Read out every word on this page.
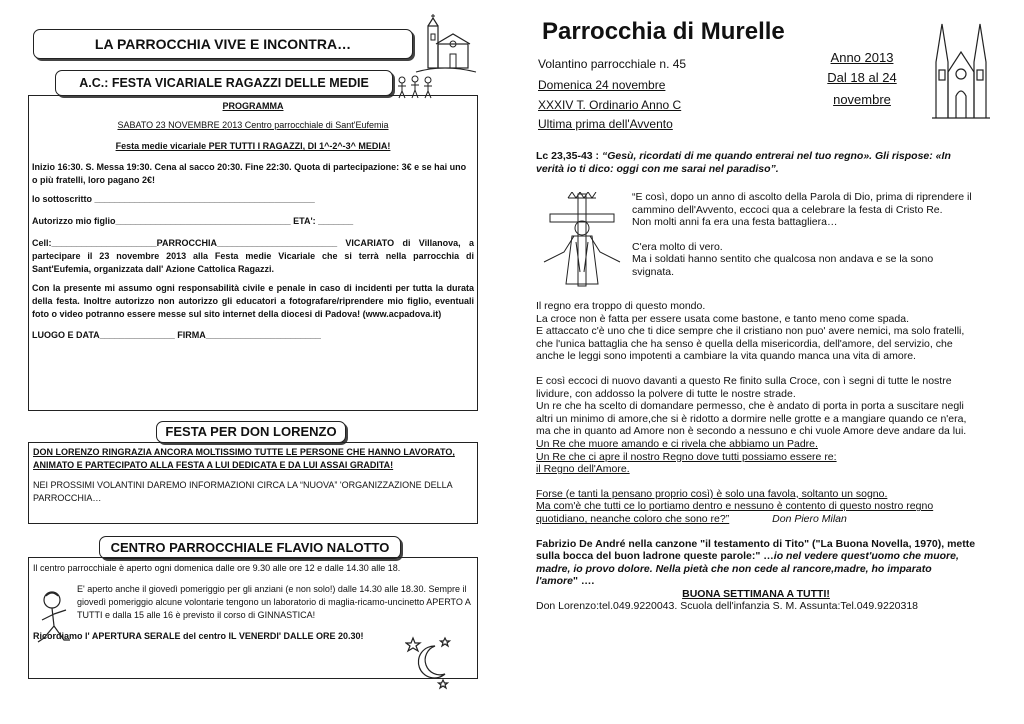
LA PARROCCHIA VIVE E INCONTRA…
A.C.: FESTA VICARIALE RAGAZZI DELLE MEDIE
PROGRAMMA
SABATO 23 NOVEMBRE 2013 Centro parrocchiale di Sant'Eufemia
Festa medie vicariale PER TUTTI I RAGAZZI, DI 1^-2^-3^ MEDIA!
Inizio 16:30. S. Messa 19:30. Cena al sacco 20:30. Fine 22:30. Quota di partecipazione: 3€ e se hai uno o più fratelli, loro pagano 2€!
Io sottoscritto ____________________________________________
Autorizzo mio figlio___________________________________ ETA': _______
Cell:_____________________PARROCCHIA________________________ VICARIATO di Villanova, a partecipare il 23 novembre 2013 alla Festa medie Vicariale che si terrà nella parrocchia di Sant'Eufemia, organizzata dall' Azione Cattolica Ragazzi.
Con la presente mi assumo ogni responsabilità civile e penale in caso di incidenti per tutta la durata della festa. Inoltre autorizzo non autorizzo gli educatori a fotografare/riprendere mio figlio, eventuali foto o video potranno essere messe sul sito internet della diocesi di Padova! (www.acpadova.it)
LUOGO E DATA_______________ FIRMA_______________________
FESTA PER DON LORENZO
DON LORENZO RINGRAZIA ANCORA MOLTISSIMO TUTTE LE PERSONE CHE HANNO LAVORATO, ANIMATO E PARTECIPATO ALLA FESTA A LUI DEDICATA E DA LUI ASSAI GRADITA!
NEI PROSSIMI VOLANTINI DAREMO INFORMAZIONI CIRCA LA “NUOVA” 'ORGANIZZAZIONE DELLA PARROCCHIA…
CENTRO PARROCCHIALE FLAVIO NALOTTO
Il centro parrocchiale è aperto ogni domenica dalle ore 9.30 alle ore 12 e dalle 14.30 alle 18.
E' aperto anche il giovedì pomeriggio per gli anziani (e non solo!) dalle 14.30 alle 18.30. Sempre il giovedì pomeriggio alcune volontarie tengono un laboratorio di maglia-ricamo-uncinetto APERTO A TUTTI e dalla 15 alle 16 è previsto il corso di GINNASTICA!
Ricordiamo l' APERTURA SERALE del centro IL VENERDI' DALLE ORE 20.30!
Parrocchia di Murelle
Volantino parrocchiale n. 45
Domenica 24 novembre
XXXIV T. Ordinario Anno C
Ultima prima dell'Avvento
Anno 2013
Dal 18 al 24
novembre
Lc 23,35-43 : “Gesù, ricordati di me quando entrerai nel tuo regno». Gli rispose: «In verità io ti dico: oggi con me sarai nel paradiso”.

“E così, dopo un anno di ascolto della Parola di Dio, prima di riprendere il cammino dell'Avvento, eccoci qua a celebrare la festa di Cristo Re.

Non molti anni fa era una festa battagliera…

C'era molto di vero.

Ma i soldati hanno sentito che qualcosa non andava e se la sono svignata.

Il regno era troppo di questo mondo.

La croce non è fatta per essere usata come bastone, e tanto meno come spada.

E attaccato c'è uno che ti dice sempre che il cristiano non puo' avere nemici, ma solo fratelli, che l'unica battaglia che ha senso è quella della misericordia, dell'amore, del servizio, che anche le leggi sono impotenti a cambiare la vita quando manca una vita di amore.

E così eccoci di nuovo davanti a questo Re finito sulla Croce, con ì segni di tutte le nostre lividure, con addosso la polvere di tutte le nostre strade.

Un re che ha scelto di domandare permesso, che è andato di porta in porta a suscitare negli altri un minimo di amore,che si è ridotto a dormire nelle grotte e a mangiare quando ce n'era, ma che in quanto ad Amore non è secondo a nessuno e chi vuole Amore deve andare da lui.

Un Re che muore amando e ci rivela che abbiamo un Padre.

Un Re che ci apre il nostro Regno dove tutti possiamo essere re:

il Regno dell'Amore.

Forse (e tanti la pensano proprio così) è solo una favola, soltanto un sogno.

Ma com'è che tutti ce lo portiamo dentro e nessuno è contento di questo nostro regno quotidiano, neanche coloro che sono re?”	Don Piero Milan

Fabrizio De André nella canzone "il testamento di Tito" ("La Buona Novella, 1970), mette sulla bocca del buon ladrone queste parole:" …io nel vedere quest'uomo che muore, madre, io provo dolore. Nella pietà che non cede al rancore,madre, ho imparato l'amore" ….

BUONA SETTIMANA A TUTTI!

Don Lorenzo:tel.049.9220043. Scuola dell'infanzia S. M. Assunta:Tel.049.9220318
